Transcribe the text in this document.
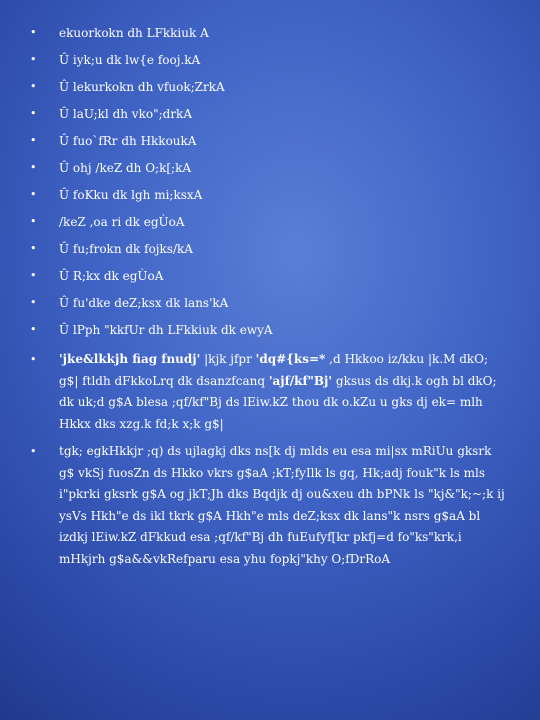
• ekuorkokn dh LFkkiuk A
• Û iyk;u dk lw{e fooj.kA
• Û lekurkokn dh vfuok;ZrkA
• Û laU;kl dh vko";drkA
• Û fuo`fRr dh HkkoukA
• Û ohj /keZ dh O;k[;kA
• Û foKku dk lgh mi;ksxA
• /keZ ,oa ri dk egÙoA
• Û fu;frokn dk fojks/kA
• Û R;kx dk egÙoA
• Û fu'dke deZ;ksx dk lans'kA
• Û lPph "kkfUr dh LFkkiuk dk ewyA
• 'jke&lkkjh fiag fnudj' |kjk jfpr 'dq#{ks=* ,d Hkkoo iz/kku |k.M dkO; g$| ftldh dFkkoLrq dk dsanzfcanq 'ajf/kf"Bj' gksus ds dkj.k ogh bl dkO; dk uk;d g$A blesa ;qf/kf"Bj ds lEiw.kZ thou dk o.kZu u gks dj ek= mlh Hkkx dks xzg.k fd;k x;k g$|
• tgk; egkHkkjr ;q) ds ujlagkj dks ns[k dj mlds eu esa mi|sx mRiUu gksrk g$ vkSj fuosZn ds Hkko vkrs g$aA ;kT;fyIlk ls gq, Hk;adj fouk"k ls mls i"pkrki gksrk g$A og jkT;Jh dks Bqdjk dj ou&xeu dh bPNk ls "kj&"k;~;k ij ysVs Hkh"e ds ikl tkrk g$A Hkh"e mls deZ;ksx dk lans"k nsrs g$aA bl izdkj lEiw.kZ dFkkud esa ;qf/kf"Bj dh fuEufyf[kr pkfj=d fo"ks"krk,i mHkjrh g$a&&vkRefparu esa yhu fopkj"khy O;fDrRoA
